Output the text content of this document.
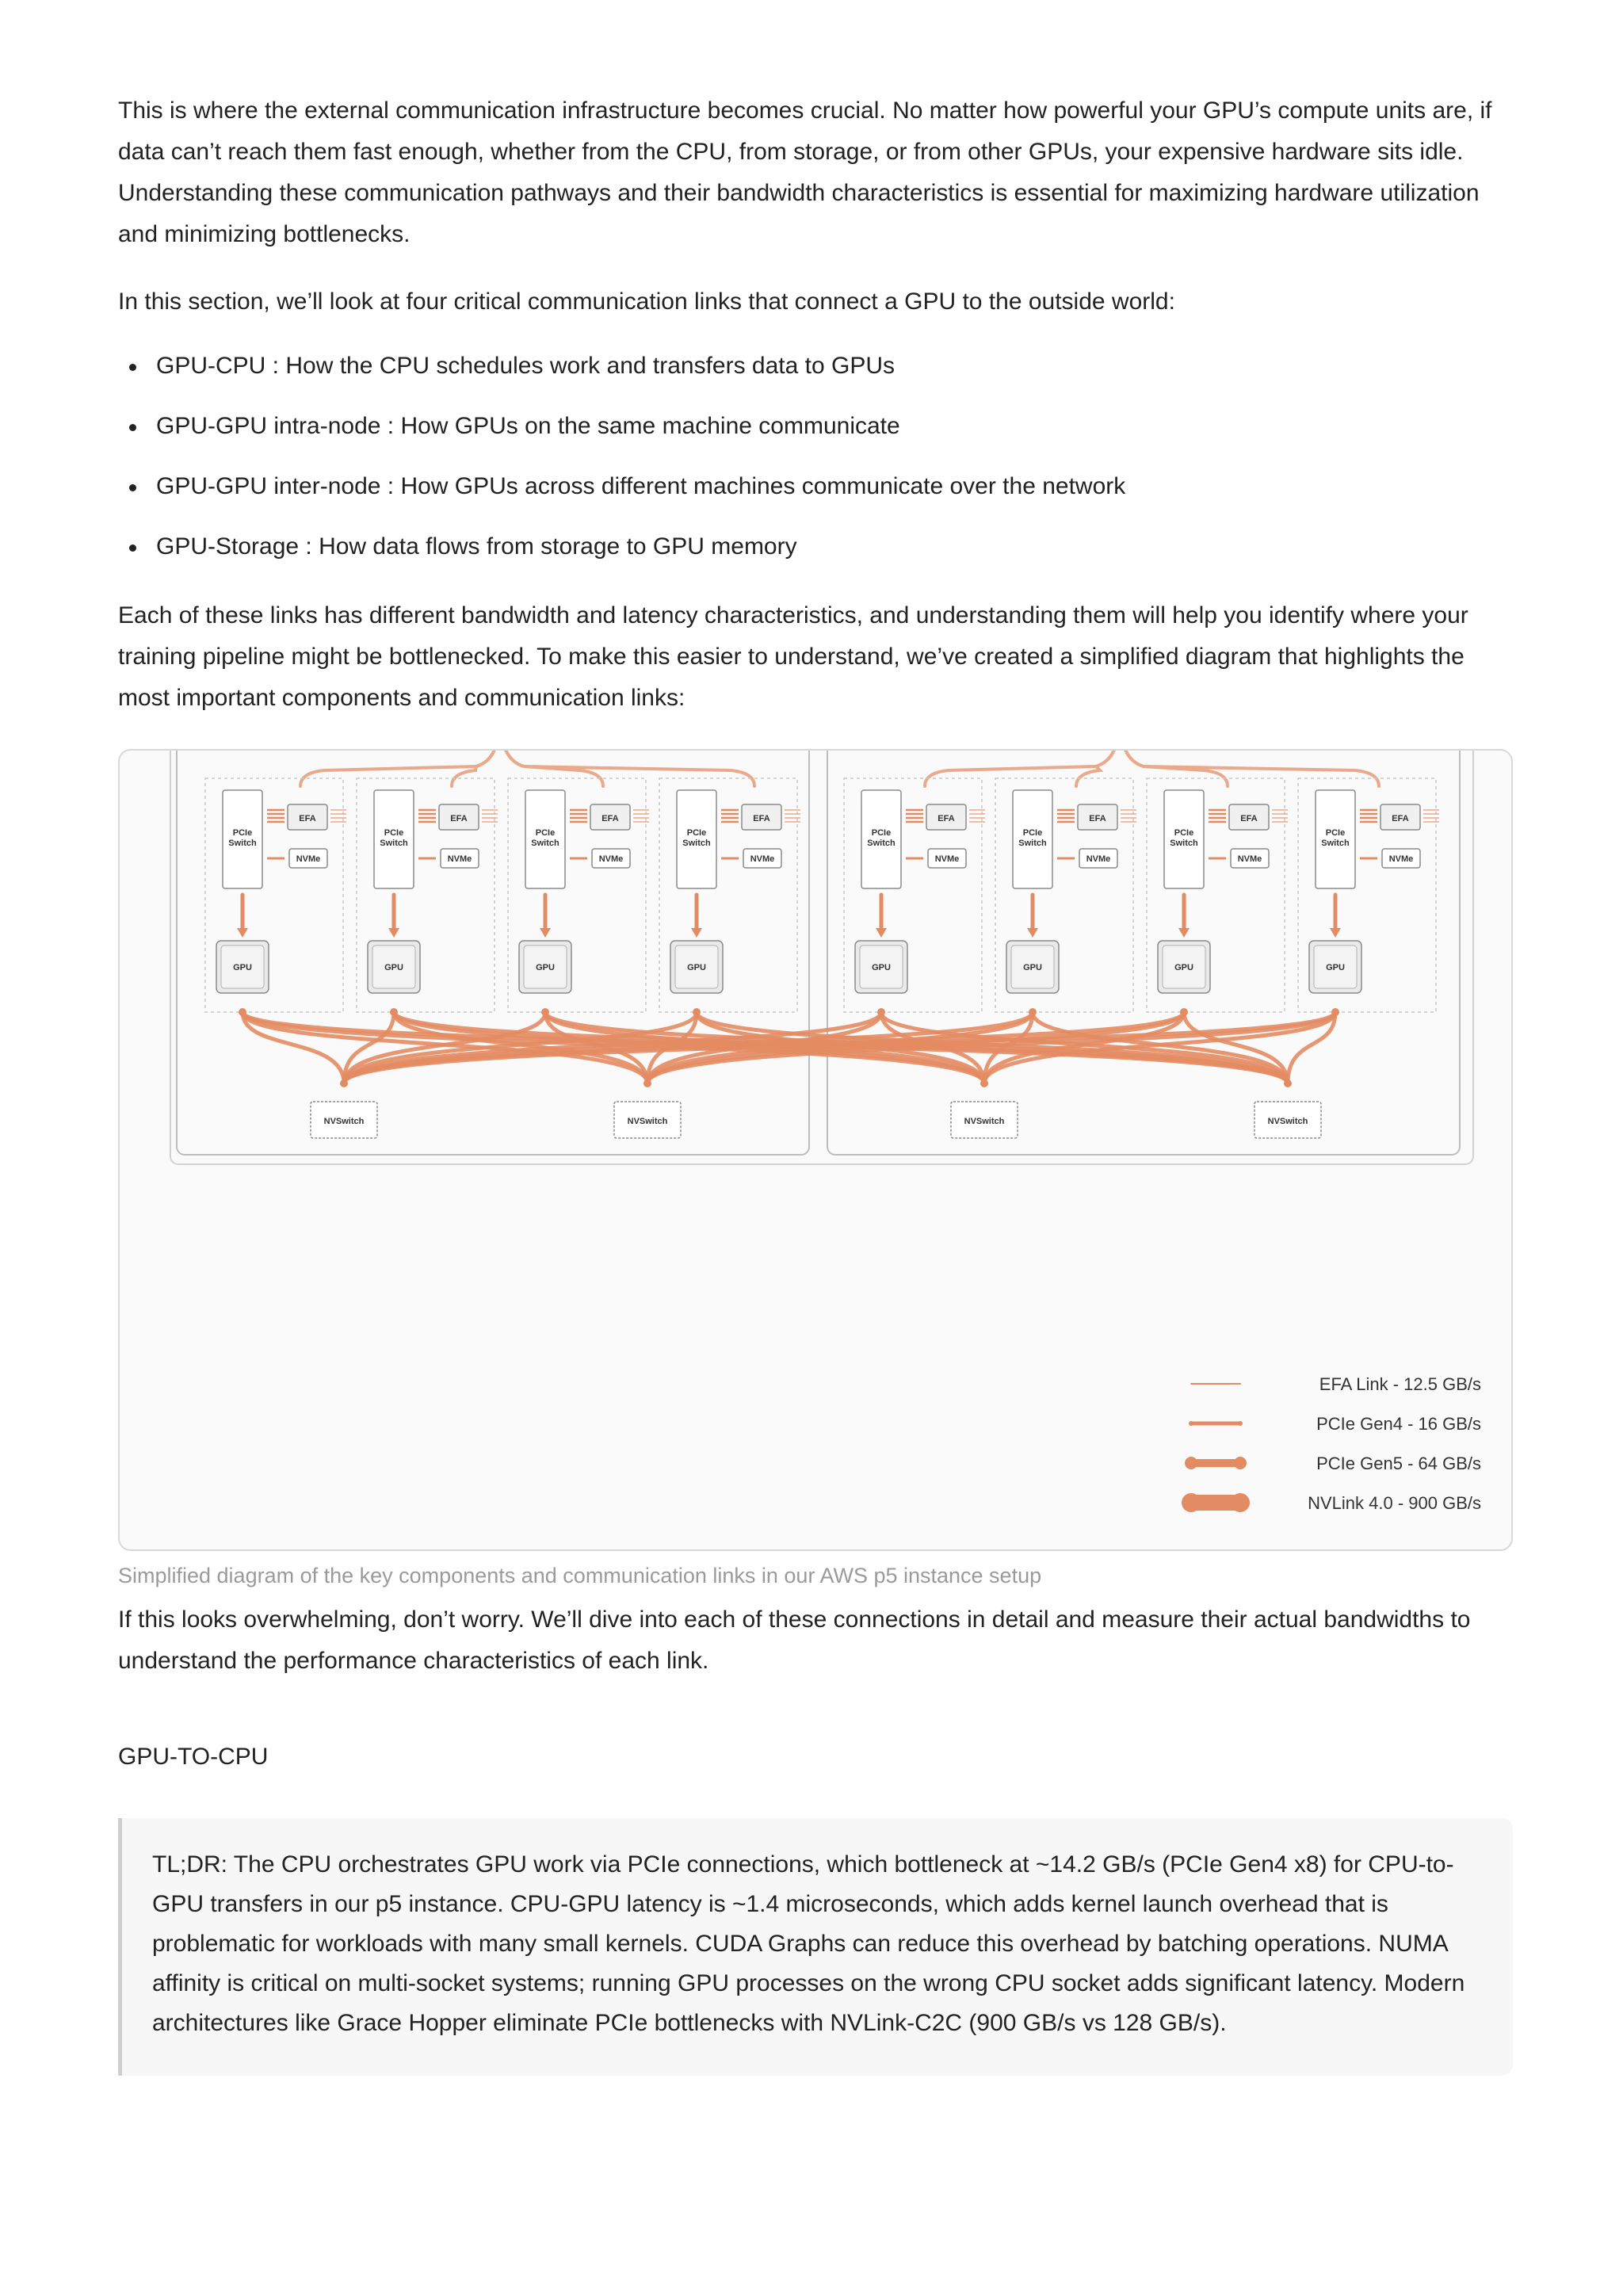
This is where the external communication infrastructure becomes crucial. No matter how powerful your GPU’s compute units are, if data can’t reach them fast enough, whether from the CPU, from storage, or from other GPUs, your expensive hardware sits idle. Understanding these communication pathways and their bandwidth characteristics is essential for maximizing hardware utilization and minimizing bottlenecks.

In this section, we’ll look at four critical communication links that connect a GPU to the outside world:

GPU-CPU : How the CPU schedules work and transfers data to GPUs
GPU-GPU intra-node : How GPUs on the same machine communicate
GPU-GPU inter-node : How GPUs across different machines communicate over the network
GPU-Storage : How data flows from storage to GPU memory

Each of these links has different bandwidth and latency characteristics, and understanding them will help you identify where your training pipeline might be bottlenecked. To make this easier to understand, we’ve created a simplified diagram that highlights the most important components and communication links:

PCIe
Switch
EFA
NVMe
GPU
PCIe
Switch
EFA
NVMe
GPU
PCIe
Switch
EFA
NVMe
GPU
PCIe
Switch
EFA
NVMe
GPU
PCIe
Switch
EFA
NVMe
GPU
PCIe
Switch
EFA
NVMe
GPU
PCIe
Switch
EFA
NVMe
GPU
PCIe
Switch
EFA
NVMe
GPU
NVSwitch	NVSwitch	NVSwitch	NVSwitch
EFA Link - 12.5 GB/s
PCIe Gen4 - 16 GB/s
PCIe Gen5 - 64 GB/s
NVLink 4.0 - 900 GB/s
Simplified diagram of the key components and communication links in our AWS p5 instance setup

If this looks overwhelming, don’t worry. We’ll dive into each of these connections in detail and measure their actual bandwidths to understand the performance characteristics of each link.

GPU-TO-CPU

TL;DR: The CPU orchestrates GPU work via PCIe connections, which bottleneck at ~14.2 GB/s (PCIe Gen4 x8) for CPU-to-GPU transfers in our p5 instance. CPU-GPU latency is ~1.4 microseconds, which adds kernel launch overhead that is problematic for workloads with many small kernels. CUDA Graphs can reduce this overhead by batching operations. NUMA affinity is critical on multi-socket systems; running GPU processes on the wrong CPU socket adds significant latency. Modern architectures like Grace Hopper eliminate PCIe bottlenecks with NVLink-C2C (900 GB/s vs 128 GB/s).
